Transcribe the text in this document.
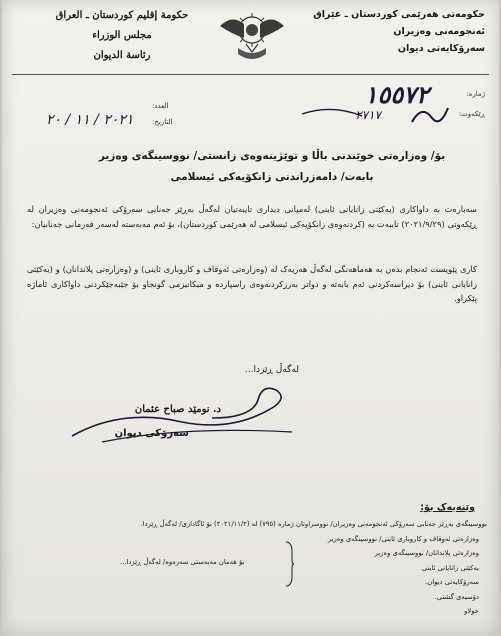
حکومەتی هەرێمی کوردستان ـ عێراق
ئەنجومەنی وەزیران
سەرۆکایەتی دیوان
حكومة إقليم كوردستان ـ العراق
مجلس الوزراء
رئاسة الديوان
ژمارە:
ڕێکەوت:
العدد:
التاريخ:
١٥٥٧٢
٢٠٢١ / ١١ / ٢٠	٢٧١٧
بۆ/ وەزارەتی خوێندنی باڵا و توێژینەوەی زانستی/ نووسینگەی وەزیر
بابەت/ دامەزراندنی زانکۆیەکی ئیسلامی
سەبارەت بە داواکاری (یەکێتی زانایانی ئاینی) لەمیانی دیداری تایبەتیان لەگەڵ بەڕێز جەنابی سەرۆکی ئەنجومەنی وەزیران لە ڕێکەوتی (٢٠٢١/٩/٢٩) تایبەت بە (کردنەوەی زانکۆیەکی ئیسلامی لە هەرێمی کوردستان)، بۆ ئەم مەبەستە لەسەر فەرمانی جەنابیان:
کاری پێویست ئەنجام بدەن بە هەماهەنگی لەگەڵ هەریەک لە (وەزارەتی ئەوقاف و کاروباری ئاینی) و (وەزارەتی پلاندانان) و (یەکێتی زانایانی ئاینی) بۆ دیراسەکردنی ئەم بابەتە و دواتر بەرزکردنەوەی راسپاردە و میکانیزمی گونجاو بۆ جێبەجێکردنی داواکاری ئاماژە پێکراو.
لەگەڵ ڕێزدا...
د. نومێد صباح عثمان
سەرۆکی دیوان
وێنەیەک بۆ:
نووسینگەی بەڕێز جەنابی سەرۆکی ئەنجومەنی وەزیران/ نووسراوتان ژمارە (٧٩٥) لە (٢٠٢١/١١/٢) بۆ ئاگاداری/ لەگەڵ ڕێزدا.
وەزارەتی ئەوقاف و کاروباری ئاینی/ نووسینگەی وەزیر
وەزارەتی پلاندانان/ نووسینگەی وەزیر
یەکێتی زانایانی ئاینی
سەرۆکایەتی دیوان.
دۆسیەی گشتی.
خولاو
بۆ هەمان مەبەستی سەرەوە/ لەگەڵ ڕێزدا...
